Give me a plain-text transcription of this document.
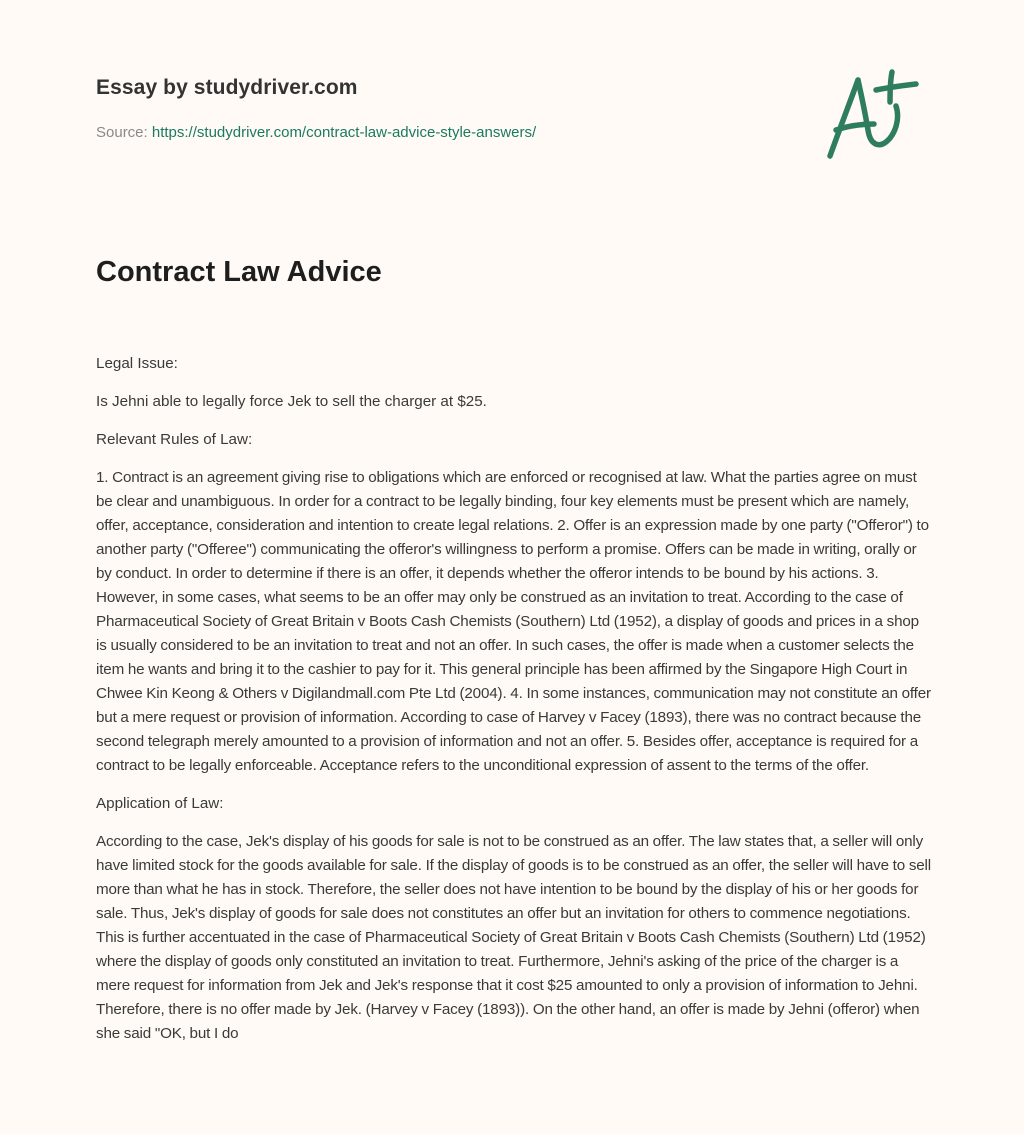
Essay by studydriver.com
Source: https://studydriver.com/contract-law-advice-style-answers/
Contract Law Advice

Legal Issue:

Is Jehni able to legally force Jek to sell the charger at $25.

Relevant Rules of Law:

1. Contract is an agreement giving rise to obligations which are enforced or recognised at law. What the parties agree on must be clear and unambiguous. In order for a contract to be legally binding, four key elements must be present which are namely, offer, acceptance, consideration and intention to create legal relations. 2. Offer is an expression made by one party ("Offeror") to another party ("Offeree") communicating the offeror's willingness to perform a promise. Offers can be made in writing, orally or by conduct. In order to determine if there is an offer, it depends whether the offeror intends to be bound by his actions. 3. However, in some cases, what seems to be an offer may only be construed as an invitation to treat. According to the case of Pharmaceutical Society of Great Britain v Boots Cash Chemists (Southern) Ltd (1952), a display of goods and prices in a shop is usually considered to be an invitation to treat and not an offer. In such cases, the offer is made when a customer selects the item he wants and bring it to the cashier to pay for it. This general principle has been affirmed by the Singapore High Court in Chwee Kin Keong & Others v Digilandmall.com Pte Ltd (2004). 4. In some instances, communication may not constitute an offer but a mere request or provision of information. According to case of Harvey v Facey (1893), there was no contract because the second telegraph merely amounted to a provision of information and not an offer. 5. Besides offer, acceptance is required for a contract to be legally enforceable. Acceptance refers to the unconditional expression of assent to the terms of the offer.

Application of Law:

According to the case, Jek's display of his goods for sale is not to be construed as an offer. The law states that, a seller will only have limited stock for the goods available for sale. If the display of goods is to be construed as an offer, the seller will have to sell more than what he has in stock. Therefore, the seller does not have intention to be bound by the display of his or her goods for sale. Thus, Jek's display of goods for sale does not constitutes an offer but an invitation for others to commence negotiations. This is further accentuated in the case of Pharmaceutical Society of Great Britain v Boots Cash Chemists (Southern) Ltd (1952) where the display of goods only constituted an invitation to treat. Furthermore, Jehni's asking of the price of the charger is a mere request for information from Jek and Jek's response that it cost $25 amounted to only a provision of information to Jehni. Therefore, there is no offer made by Jek. (Harvey v Facey (1893)). On the other hand, an offer is made by Jehni (offeror) when she said "OK, but I do
